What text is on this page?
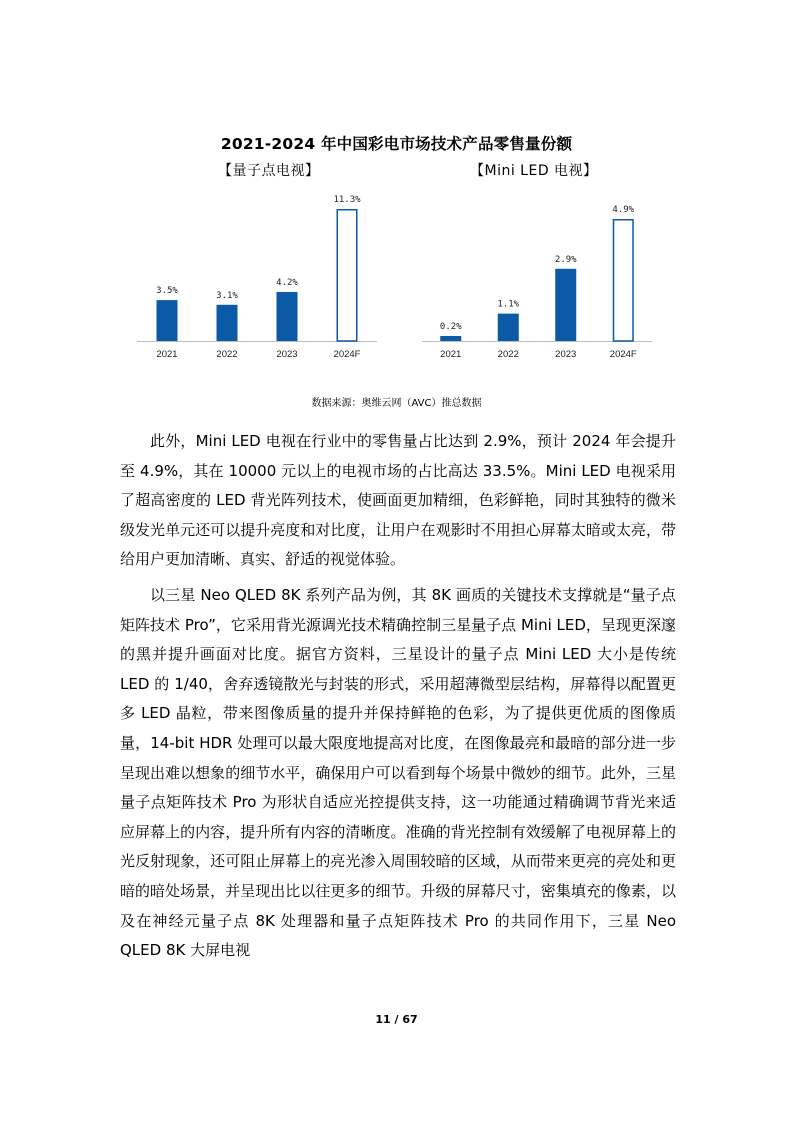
2021-2024 年中国彩电市场技术产品零售量份额
【量子点电视】	【Mini LED 电视】
3.5%
2021
3.1%
2022
4.2%
2023
11.3%
2024F
0.2%
2021
1.1%
2022
2.9%
2023
4.9%
2024F
数据来源：奥维云网（AVC）推总数据

此外，Mini LED 电视在行业中的零售量占比达到 2.9%，预计 2024 年会提升至 4.9%，其在 10000 元以上的电视市场的占比高达 33.5%。Mini LED 电视采用了超高密度的 LED 背光阵列技术，使画面更加精细，色彩鲜艳，同时其独特的微米级发光单元还可以提升亮度和对比度，让用户在观影时不用担心屏幕太暗或太亮，带给用户更加清晰、真实、舒适的视觉体验。

以三星 Neo QLED 8K 系列产品为例，其 8K 画质的关键技术支撑就是“量子点矩阵技术 Pro”，它采用背光源调光技术精确控制三星量子点 Mini LED，呈现更深邃的黑并提升画面对比度。据官方资料，三星设计的量子点 Mini LED 大小是传统 LED 的 1/40，舍弃透镜散光与封装的形式，采用超薄微型层结构，屏幕得以配置更多 LED 晶粒，带来图像质量的提升并保持鲜艳的色彩，为了提供更优质的图像质量，14-bit HDR 处理可以最大限度地提高对比度，在图像最亮和最暗的部分进一步呈现出难以想象的细节水平，确保用户可以看到每个场景中微妙的细节。此外，三星量子点矩阵技术 Pro 为形状自适应光控提供支持，这一功能通过精确调节背光来适应屏幕上的内容，提升所有内容的清晰度。准确的背光控制有效缓解了电视屏幕上的光反射现象，还可阻止屏幕上的亮光渗入周围较暗的区域，从而带来更亮的亮处和更暗的暗处场景，并呈现出比以往更多的细节。升级的屏幕尺寸，密集填充的像素，以及在神经元量子点 8K 处理器和量子点矩阵技术 Pro 的共同作用下，三星 Neo QLED 8K 大屏电视

11 / 67
